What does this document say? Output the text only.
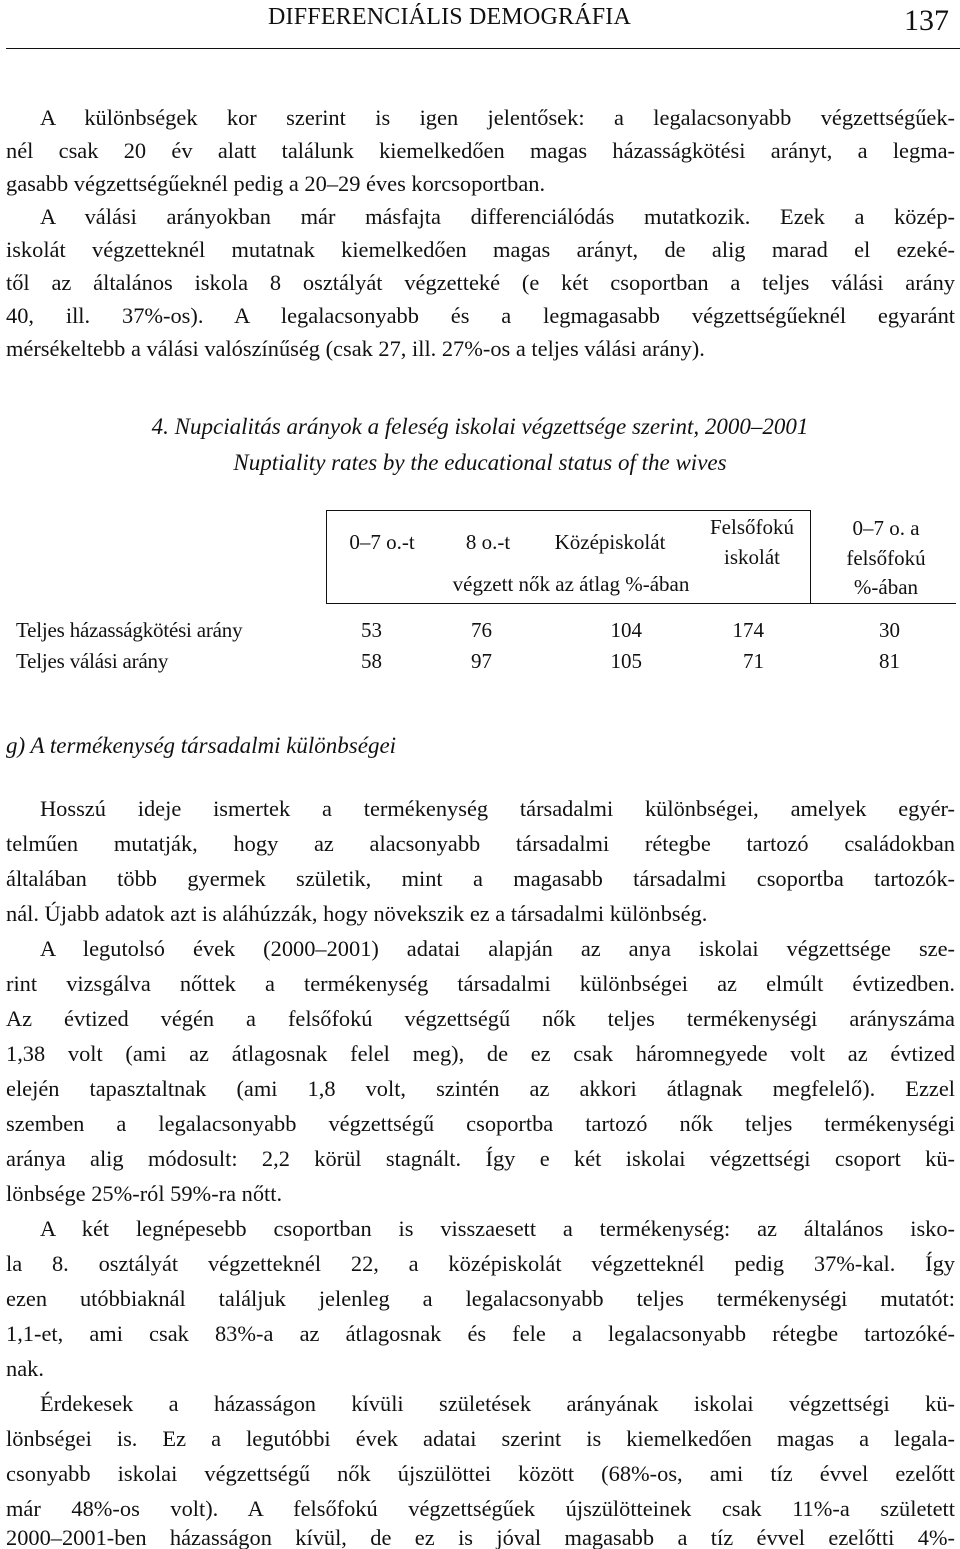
DIFFERENCIÁLIS DEMOGRÁFIA	137
A különbségek kor szerint is igen jelentősek: a legalacsonyabb végzettségűek-
nél csak 20 év alatt találunk kiemelkedően magas házasságkötési arányt, a legma-
gasabb végzettségűeknél pedig a 20–29 éves korcsoportban.
A válási arányokban már másfajta differenciálódás mutatkozik. Ezek a közép-
iskolát végzetteknél mutatnak kiemelkedően magas arányt, de alig marad el ezeké-
től az általános iskola 8 osztályát végzetteké (e két csoportban a teljes válási arány
40, ill. 37%-os). A legalacsonyabb és a legmagasabb végzettségűeknél egyaránt
mérsékeltebb a válási valószínűség (csak 27, ill. 27%-os a teljes válási arány).
4. Nupcialitás arányok a feleség iskolai végzettsége szerint, 2000–2001
Nuptiality rates by the educational status of the wives
0–7 o.-t	8 o.-t	Középiskolát
Felsőfokú iskolát
végzett nők az átlag %-ában
0–7 o. a
felsőfokú
%-ában
Teljes házasságkötési arány	53	76	104	174	30
Teljes válási arány	58	97	105	71	81
g) A termékenység társadalmi különbségei
Hosszú ideje ismertek a termékenység társadalmi különbségei, amelyek egyér-
telműen mutatják, hogy az alacsonyabb társadalmi rétegbe tartozó családokban
általában több gyermek születik, mint a magasabb társadalmi csoportba tartozók-
nál. Újabb adatok azt is aláhúzzák, hogy növekszik ez a társadalmi különbség.
A legutolsó évek (2000–2001) adatai alapján az anya iskolai végzettsége sze-
rint vizsgálva nőttek a termékenység társadalmi különbségei az elmúlt évtizedben.
Az évtized végén a felsőfokú végzettségű nők teljes termékenységi arányszáma
1,38 volt (ami az átlagosnak felel meg), de ez csak háromnegyede volt az évtized
elején tapasztaltnak (ami 1,8 volt, szintén az akkori átlagnak megfelelő). Ezzel
szemben a legalacsonyabb végzettségű csoportba tartozó nők teljes termékenységi
aránya alig módosult: 2,2 körül stagnált. Így e két iskolai végzettségi csoport kü-
lönbsége 25%-ról 59%-ra nőtt.
A két legnépesebb csoportban is visszaesett a termékenység: az általános isko-
la 8. osztályát végzetteknél 22, a középiskolát végzetteknél pedig 37%-kal. Így
ezen utóbbiaknál találjuk jelenleg a legalacsonyabb teljes termékenységi mutatót:
1,1-et, ami csak 83%-a az átlagosnak és fele a legalacsonyabb rétegbe tartozóké-
nak.
Érdekesek a házasságon kívüli születések arányának iskolai végzettségi kü-
lönbségei is. Ez a legutóbbi évek adatai szerint is kiemelkedően magas a legala-
csonyabb iskolai végzettségű nők újszülöttei között (68%-os, ami tíz évvel ezelőtt
már 48%-os volt). A felsőfokú végzettségűek újszülötteinek csak 11%-a született
2000–2001-ben házasságon kívül, de ez is jóval magasabb a tíz évvel ezelőtti 4%-
